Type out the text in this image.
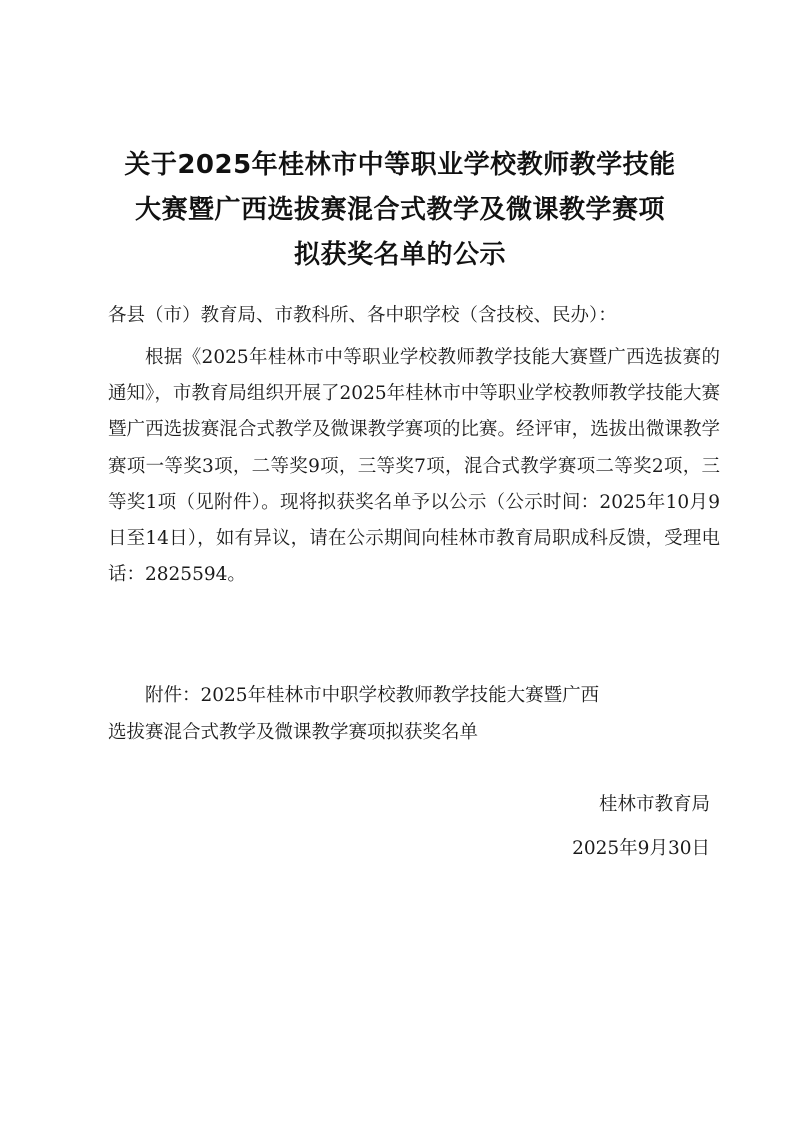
关于2025年桂林市中等职业学校教师教学技能
大赛暨广西选拔赛混合式教学及微课教学赛项
拟获奖名单的公示

各县（市）教育局、市教科所、各中职学校（含技校、民办）：

根据《2025年桂林市中等职业学校教师教学技能大赛暨广西选拔赛的通知》，市教育局组织开展了2025年桂林市中等职业学校教师教学技能大赛暨广西选拔赛混合式教学及微课教学赛项的比赛。经评审，选拔出微课教学赛项一等奖3项，二等奖9项，三等奖7项，混合式教学赛项二等奖2项，三等奖1项（见附件）。现将拟获奖名单予以公示（公示时间：2025年10月9日至14日），如有异议，请在公示期间向桂林市教育局职成科反馈，受理电话：2825594。

附件：2025年桂林市中职学校教师教学技能大赛暨广西
选拔赛混合式教学及微课教学赛项拟获奖名单

桂林市教育局

2025年9月30日
